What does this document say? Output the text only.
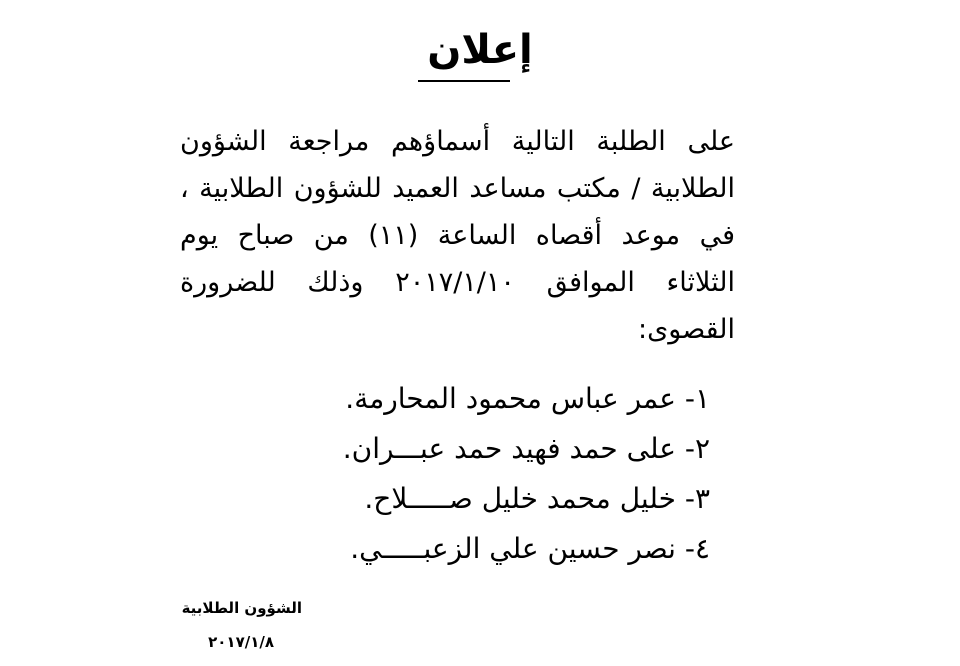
إعلان
على الطلبة التالية أسماؤهم مراجعة الشؤون الطلابية / مكتب مساعد العميد للشؤون الطلابية ، في موعد أقصاه الساعة (١١) من صباح يوم الثلاثاء الموافق ٢٠١٧/١/١٠ وذلك للضرورة القصوى:
١- عمر عباس محمود المحارمة.
٢- على حمد فهيد حمد عبـــران.
٣- خليل محمد خليل صـــــلاح.
٤- نصر حسين علي الزعبـــــي.
الشؤون الطلابية
٢٠١٧/١/٨
